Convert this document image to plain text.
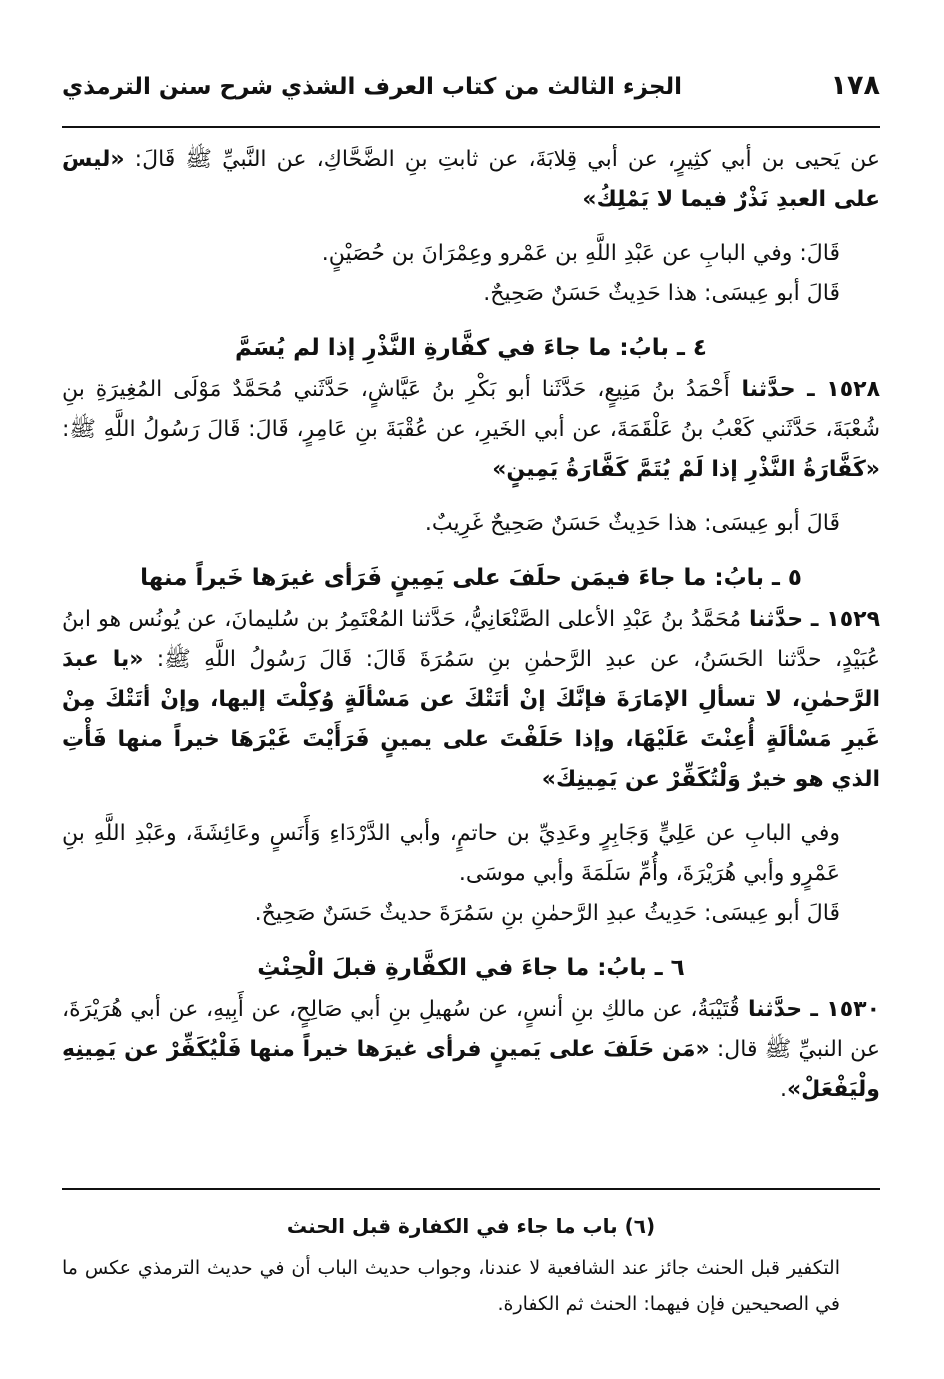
١٧٨
الجزء الثالث من كتاب العرف الشذي شرح سنن الترمذي

عن يَحيى بن أبي كثِيرٍ، عن أبي قِلابَةَ، عن ثابتِ بنِ الضَّحَّاكِ، عن النَّبيِّ ﷺ قَالَ: «ليسَ على العبدِ نَذْرٌ فيما لا يَمْلِكُ»

قَالَ: وفي البابِ عن عَبْدِ اللَّهِ بن عَمْرو وعِمْرَانَ بن حُصَيْنٍ.

قَالَ أبو عِيسَى: هذا حَدِيثٌ حَسَنٌ صَحِيحٌ.

٤ ـ بابُ: ما جاءَ في كفَّارةِ النَّذْرِ إذا لم يُسَمَّ

١٥٢٨ ـ حدَّثنا أَحْمَدُ بنُ مَنِيعٍ، حَدَّثَنا أبو بَكْرِ بنُ عَيَّاشٍ، حَدَّثَني مُحَمَّدٌ مَوْلَى المُغِيرَةِ بنِ شُعْبَةَ، حَدَّثَني كَعْبُ بنُ عَلْقَمَةَ، عن أبي الخَيرِ، عن عُقْبَةَ بنِ عَامِرٍ، قَالَ: قَالَ رَسُولُ اللَّهِ ﷺ: «كَفَّارَةُ النَّذْرِ إذا لَمْ يُتَمَّ كَفَّارَةُ يَمِينٍ»

قَالَ أبو عِيسَى: هذا حَدِيثٌ حَسَنٌ صَحِيحٌ غَرِيبٌ.

٥ ـ بابُ: ما جاءَ فيمَن حلَفَ على يَمِينٍ فَرَأى غيرَها خَيراً منها

١٥٢٩ ـ حدَّثنا مُحَمَّدُ بنُ عَبْدِ الأعلى الصَّنْعَانِيُّ، حَدَّثنا المُعْتَمِرُ بن سُليمانَ، عن يُونُس هو ابنُ عُبَيْدٍ، حدَّثنا الحَسَنُ، عن عبدِ الرَّحمٰنِ بنِ سَمُرَةَ قَالَ: قَالَ رَسُولُ اللَّهِ ﷺ: «يا عبدَ الرَّحمٰنِ، لا تسألِ الإمَارَةَ فإنَّكَ إنْ أتَتْكَ عن مَسْألَةٍ وُكِلْتَ إليها، وإنْ أتَتْكَ مِنْ غَيرِ مَسْألَةٍ أُعِنْتَ عَلَيْهَا، وإذا حَلَفْتَ على يمينٍ فَرَأَيْتَ غَيْرَهَا خيراً منها فَأْتِ الذي هو خيرٌ وَلْتُكَفِّرْ عن يَمِينِكَ»

وفي البابِ عن عَلِيٍّ وَجَابِرٍ وعَدِيِّ بن حاتمٍ، وأبي الدَّرْدَاءِ وَأَنَسٍ وعَائِشَةَ، وعَبْدِ اللَّهِ بنِ عَمْرٍو وأبي هُرَيْرَةَ، وأُمِّ سَلَمَةَ وأبي موسَى.

قَالَ أبو عِيسَى: حَدِيثُ عبدِ الرَّحمٰنِ بنِ سَمُرَةَ حديثٌ حَسَنٌ صَحِيحٌ.

٦ ـ بابُ: ما جاءَ في الكفَّارةِ قبلَ الْحِنْثِ

١٥٣٠ ـ حدَّثنا قُتَيْبَةُ، عن مالكِ بنِ أنسٍ، عن سُهيلِ بنِ أبي صَالِحٍ، عن أَبِيهِ، عن أبي هُرَيْرَةَ، عن النبيِّ ﷺ قال: «مَن حَلَفَ على يَمينٍ فرأى غيرَها خيراً منها فَلْيُكَفِّرْ عن يَمِينِهِ ولْيَفْعَلْ».

(٦) باب ما جاء في الكفارة قبل الحنث
التكفير قبل الحنث جائز عند الشافعية لا عندنا، وجواب حديث الباب أن في حديث الترمذي عكس ما في الصحيحين فإن فيهما: الحنث ثم الكفارة.
